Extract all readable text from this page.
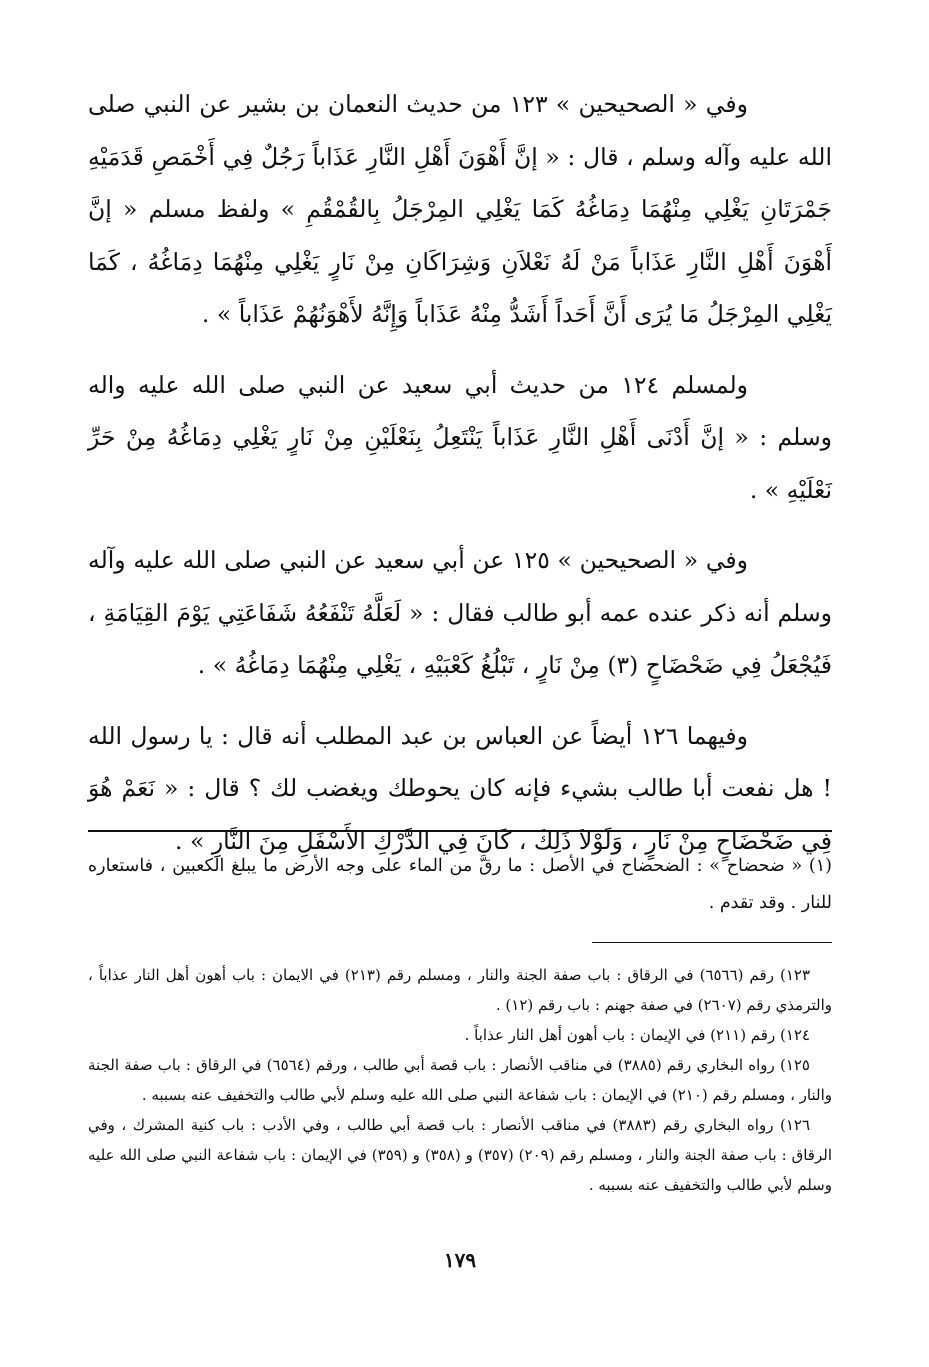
وفي « الصحيحين » ١٢٣ من حديث النعمان بن بشير عن النبي صلى الله عليه وآله وسلم ، قال : « إنَّ أَهْوَنَ أَهْلِ النَّارِ عَذَاباً رَجُلٌ فِي أَخْمَصِ قَدَمَيْهِ جَمْرَتَانِ يَغْلِي مِنْهُمَا دِمَاغُهُ كَمَا يَغْلِي المِرْجَلُ بِالقُمْقُمِ » ولفظ مسلم « إنَّ أَهْوَنَ أَهْلِ النَّارِ عَذَاباً مَنْ لَهُ نَعْلاَنِ وَشِرَاكَانِ مِنْ نَارٍ يَغْلِي مِنْهُمَا دِمَاغُهُ ، كَمَا يَغْلِي المِرْجَلُ مَا يُرَى أَنَّ أَحَداً أَشَدُّ مِنْهُ عَذَاباً وَإِنَّهُ لأَهْوَنُهُمْ عَذَاباً » .

ولمسلم ١٢٤ من حديث أبي سعيد عن النبي صلى الله عليه واله وسلم : « إنَّ أَدْنَى أَهْلِ النَّارِ عَذَاباً يَنْتَعِلُ بِنَعْلَيْنِ مِنْ نَارٍ يَغْلِي دِمَاغُهُ مِنْ حَرِّ نَعْلَيْهِ » .

وفي « الصحيحين » ١٢٥ عن أبي سعيد عن النبي صلى الله عليه وآله وسلم أنه ذكر عنده عمه أبو طالب فقال : « لَعَلَّهُ تَنْفَعُهُ شَفَاعَتِي يَوْمَ القِيَامَةِ ، فَيُجْعَلُ فِي ضَحْضَاحٍ (٣) مِنْ نَارٍ ، تَبْلُغُ كَعْبَيْهِ ، يَغْلِي مِنْهُمَا دِمَاغُهُ » .

وفيهما ١٢٦ أيضاً عن العباس بن عبد المطلب أنه قال : يا رسول الله ! هل نفعت أبا طالب بشيء فإنه كان يحوطك ويغضب لك ؟ قال : « نَعَمْ هُوَ فِي ضَحْضَاحٍ مِنْ نَارٍ ، وَلَوْلاَ ذَلِكَ ، كَانَ فِي الدَّرْكِ الأَسْفَلِ مِنَ النَّارِ » .

(١) « ضحضاح » : الضحضاح في الأصل : ما رقَّ من الماء على وجه الأرض ما يبلغ الكعبين ، فاستعاره للنار . وقد تقدم .

١٢٣) رقم (٦٥٦٦) في الرقاق : باب صفة الجنة والنار ، ومسلم رقم (٢١٣) في الايمان : باب أهون أهل النار عذاباً ، والترمذي رقم (٢٦٠٧) في صفة جهنم : باب رقم (١٢) .

١٢٤) رقم (٢١١) في الإيمان : باب أهون أهل النار عذاباً .

١٢٥) رواه البخاري رقم (٣٨٨٥) في مناقب الأنصار : باب قصة أبي طالب ، ورقم (٦٥٦٤) في الرقاق : باب صفة الجنة والنار ، ومسلم رقم (٢١٠) في الإيمان : باب شفاعة النبي صلى الله عليه وسلم لأبي طالب والتخفيف عنه بسببه .

١٢٦) رواه البخاري رقم (٣٨٨٣) في مناقب الأنصار : باب قصة أبي طالب ، وفي الأدب : باب كنية المشرك ، وفي الرقاق : باب صفة الجنة والنار ، ومسلم رقم (٢٠٩) (٣٥٧) و (٣٥٨) و (٣٥٩) في الإيمان : باب شفاعة النبي صلى الله عليه وسلم لأبي طالب والتخفيف عنه بسببه .

١٧٩
